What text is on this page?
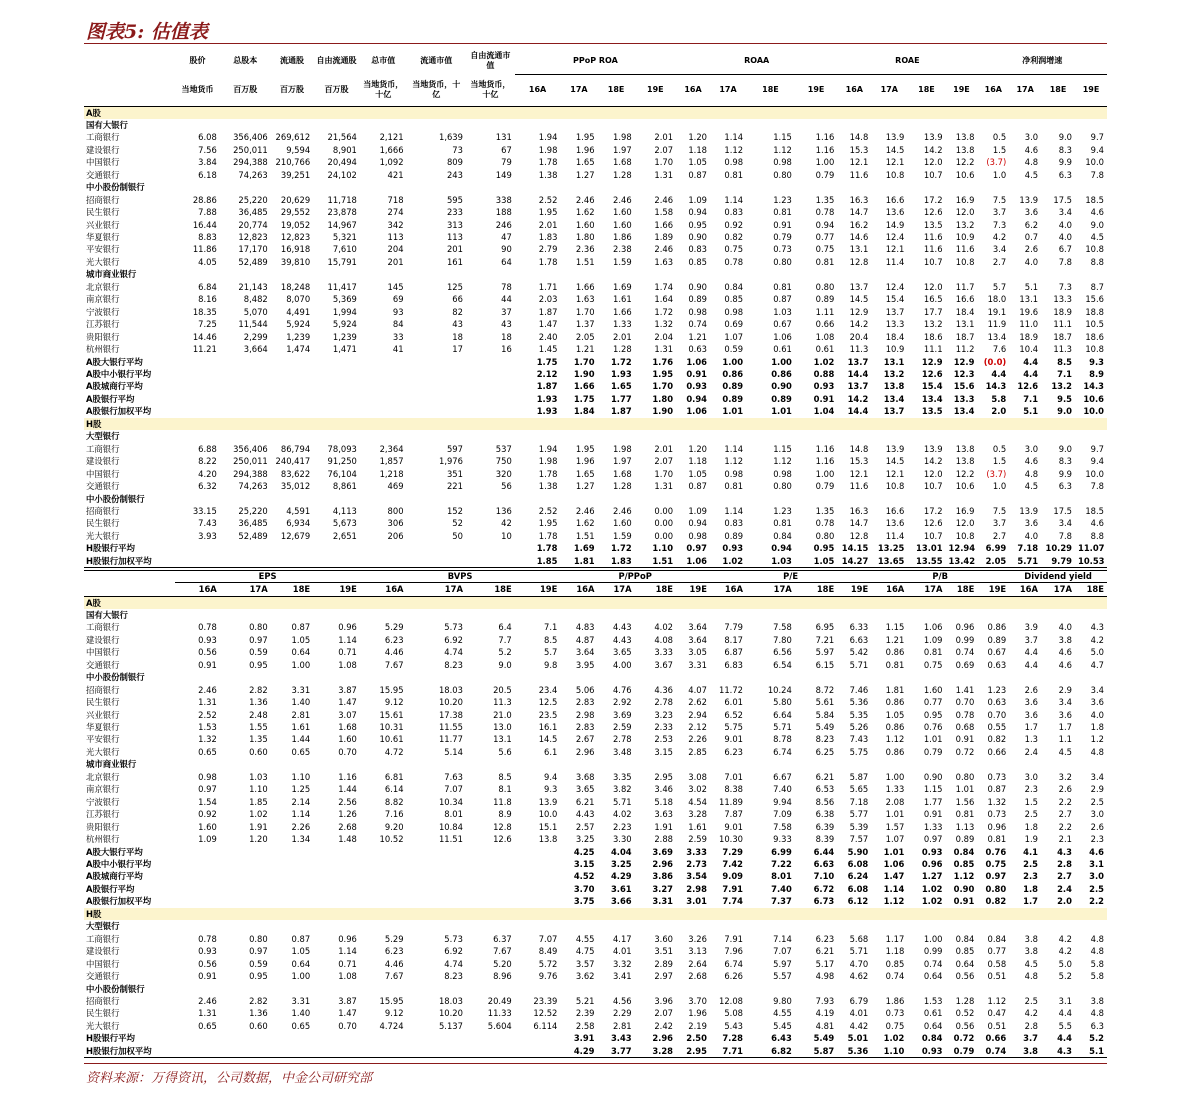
图表5: 估值表
	股价	总股本	流通股	自由流通股	总市值	流通市值	自由流通市值	PPoP ROA				ROAA				ROAE				净利润增速			
	当地货币	百万股	百万股	百万股	当地货币，十亿	当地货币，十亿	当地货币，十亿	16A	17A	18E	19E	16A	17A	18E	19E	16A	17A	18E	19E	16A	17A	18E	19E
A股																							
国有大银行																							
工商银行	6.08	356,406	269,612	21,564	2,121	1,639	131	1.94	1.95	1.98	2.01	1.20	1.14	1.15	1.16	14.8	13.9	13.9	13.8	0.5	3.0	9.0	9.7
建设银行	7.56	250,011	9,594	8,901	1,666	73	67	1.98	1.96	1.97	2.07	1.18	1.12	1.12	1.16	15.3	14.5	14.2	13.8	1.5	4.6	8.3	9.4
中国银行	3.84	294,388	210,766	20,494	1,092	809	79	1.78	1.65	1.68	1.70	1.05	0.98	0.98	1.00	12.1	12.1	12.0	12.2	(3.7)	4.8	9.9	10.0
交通银行	6.18	74,263	39,251	24,102	421	243	149	1.38	1.27	1.28	1.31	0.87	0.81	0.80	0.79	11.6	10.8	10.7	10.6	1.0	4.5	6.3	7.8
中小股份制银行																							
招商银行	28.86	25,220	20,629	11,718	718	595	338	2.52	2.46	2.46	2.46	1.09	1.14	1.23	1.35	16.3	16.6	17.2	16.9	7.5	13.9	17.5	18.5
民生银行	7.88	36,485	29,552	23,878	274	233	188	1.95	1.62	1.60	1.58	0.94	0.83	0.81	0.78	14.7	13.6	12.6	12.0	3.7	3.6	3.4	4.6
兴业银行	16.44	20,774	19,052	14,967	342	313	246	2.01	1.60	1.60	1.66	0.95	0.92	0.91	0.94	16.2	14.9	13.5	13.2	7.3	6.2	4.0	9.0
华夏银行	8.83	12,823	12,823	5,321	113	113	47	1.83	1.80	1.86	1.89	0.90	0.82	0.79	0.77	14.6	12.4	11.6	10.9	4.2	0.7	4.0	4.5
平安银行	11.86	17,170	16,918	7,610	204	201	90	2.79	2.36	2.38	2.46	0.83	0.75	0.73	0.75	13.1	12.1	11.6	11.6	3.4	2.6	6.7	10.8
光大银行	4.05	52,489	39,810	15,791	201	161	64	1.78	1.51	1.59	1.63	0.85	0.78	0.80	0.81	12.8	11.4	10.7	10.8	2.7	4.0	7.8	8.8
城市商业银行																							
北京银行	6.84	21,143	18,248	11,417	145	125	78	1.71	1.66	1.69	1.74	0.90	0.84	0.81	0.80	13.7	12.4	12.0	11.7	5.7	5.1	7.3	8.7
南京银行	8.16	8,482	8,070	5,369	69	66	44	2.03	1.63	1.61	1.64	0.89	0.85	0.87	0.89	14.5	15.4	16.5	16.6	18.0	13.1	13.3	15.6
宁波银行	18.35	5,070	4,491	1,994	93	82	37	1.87	1.70	1.66	1.72	0.98	0.98	1.03	1.11	12.9	13.7	17.7	18.4	19.1	19.6	18.9	18.8
江苏银行	7.25	11,544	5,924	5,924	84	43	43	1.47	1.37	1.33	1.32	0.74	0.69	0.67	0.66	14.2	13.3	13.2	13.1	11.9	11.0	11.1	10.5
贵阳银行	14.46	2,299	1,239	1,239	33	18	18	2.40	2.05	2.01	2.04	1.21	1.07	1.06	1.08	20.4	18.4	18.6	18.7	13.4	18.9	18.7	18.6
杭州银行	11.21	3,664	1,474	1,471	41	17	16	1.45	1.21	1.28	1.31	0.63	0.59	0.61	0.61	11.3	10.9	11.1	11.2	7.6	10.4	11.3	10.8
A股大银行平均								1.75	1.70	1.72	1.76	1.06	1.00	1.00	1.02	13.7	13.1	12.9	12.9	(0.0)	4.4	8.5	9.3
A股中小银行平均								2.12	1.90	1.93	1.95	0.91	0.86	0.86	0.88	14.4	13.2	12.6	12.3	4.4	4.4	7.1	8.9
A股城商行平均								1.87	1.66	1.65	1.70	0.93	0.89	0.90	0.93	13.7	13.8	15.4	15.6	14.3	12.6	13.2	14.3
A股银行平均								1.93	1.75	1.77	1.80	0.94	0.89	0.89	0.91	14.2	13.4	13.4	13.3	5.8	7.1	9.5	10.6
A股银行加权平均								1.93	1.84	1.87	1.90	1.06	1.01	1.01	1.04	14.4	13.7	13.5	13.4	2.0	5.1	9.0	10.0
H股																							
大型银行																							
工商银行	6.88	356,406	86,794	78,093	2,364	597	537	1.94	1.95	1.98	2.01	1.20	1.14	1.15	1.16	14.8	13.9	13.9	13.8	0.5	3.0	9.0	9.7
建设银行	8.22	250,011	240,417	91,250	1,857	1,976	750	1.98	1.96	1.97	2.07	1.18	1.12	1.12	1.16	15.3	14.5	14.2	13.8	1.5	4.6	8.3	9.4
中国银行	4.20	294,388	83,622	76,104	1,218	351	320	1.78	1.65	1.68	1.70	1.05	0.98	0.98	1.00	12.1	12.1	12.0	12.2	(3.7)	4.8	9.9	10.0
交通银行	6.32	74,263	35,012	8,861	469	221	56	1.38	1.27	1.28	1.31	0.87	0.81	0.80	0.79	11.6	10.8	10.7	10.6	1.0	4.5	6.3	7.8
中小股份制银行																							
招商银行	33.15	25,220	4,591	4,113	800	152	136	2.52	2.46	2.46	0.00	1.09	1.14	1.23	1.35	16.3	16.6	17.2	16.9	7.5	13.9	17.5	18.5
民生银行	7.43	36,485	6,934	5,673	306	52	42	1.95	1.62	1.60	0.00	0.94	0.83	0.81	0.78	14.7	13.6	12.6	12.0	3.7	3.6	3.4	4.6
光大银行	3.93	52,489	12,679	2,651	206	50	10	1.78	1.51	1.59	0.00	0.98	0.89	0.84	0.80	12.8	11.4	10.7	10.8	2.7	4.0	7.8	8.8
H股银行平均								1.78	1.69	1.72	1.10	0.97	0.93	0.94	0.95	14.15	13.25	13.01	12.94	6.99	7.18	10.29	11.07
H股银行加权平均								1.85	1.81	1.83	1.51	1.06	1.02	1.03	1.05	14.27	13.65	13.55	13.42	2.05	5.71	9.79	10.53
	EPS				BVPS				P/PPoP				P/E				P/B				Dividend yield		
	16A	17A	18E	19E	16A	17A	18E	19E	16A	17A	18E	19E	16A	17A	18E	19E	16A	17A	18E	19E	16A	17A	18E
A股																							
国有大银行																							
工商银行	0.78	0.80	0.87	0.96	5.29	5.73	6.4	7.1	4.83	4.43	4.02	3.64	7.79	7.58	6.95	6.33	1.15	1.06	0.96	0.86	3.9	4.0	4.3
建设银行	0.93	0.97	1.05	1.14	6.23	6.92	7.7	8.5	4.87	4.43	4.08	3.64	8.17	7.80	7.21	6.63	1.21	1.09	0.99	0.89	3.7	3.8	4.2
中国银行	0.56	0.59	0.64	0.71	4.46	4.74	5.2	5.7	3.64	3.65	3.33	3.05	6.87	6.56	5.97	5.42	0.86	0.81	0.74	0.67	4.4	4.6	5.0
交通银行	0.91	0.95	1.00	1.08	7.67	8.23	9.0	9.8	3.95	4.00	3.67	3.31	6.83	6.54	6.15	5.71	0.81	0.75	0.69	0.63	4.4	4.6	4.7
中小股份制银行																							
招商银行	2.46	2.82	3.31	3.87	15.95	18.03	20.5	23.4	5.06	4.76	4.36	4.07	11.72	10.24	8.72	7.46	1.81	1.60	1.41	1.23	2.6	2.9	3.4
民生银行	1.31	1.36	1.40	1.47	9.12	10.20	11.3	12.5	2.83	2.92	2.78	2.62	6.01	5.80	5.61	5.36	0.86	0.77	0.70	0.63	3.6	3.4	3.6
兴业银行	2.52	2.48	2.81	3.07	15.61	17.38	21.0	23.5	2.98	3.69	3.23	2.94	6.52	6.64	5.84	5.35	1.05	0.95	0.78	0.70	3.6	3.6	4.0
华夏银行	1.53	1.55	1.61	1.68	10.31	11.55	13.0	16.1	2.83	2.59	2.33	2.12	5.75	5.71	5.49	5.26	0.86	0.76	0.68	0.55	1.7	1.7	1.8
平安银行	1.32	1.35	1.44	1.60	10.61	11.77	13.1	14.5	2.67	2.78	2.53	2.26	9.01	8.78	8.23	7.43	1.12	1.01	0.91	0.82	1.3	1.1	1.2
光大银行	0.65	0.60	0.65	0.70	4.72	5.14	5.6	6.1	2.96	3.48	3.15	2.85	6.23	6.74	6.25	5.75	0.86	0.79	0.72	0.66	2.4	4.5	4.8
城市商业银行																							
北京银行	0.98	1.03	1.10	1.16	6.81	7.63	8.5	9.4	3.68	3.35	2.95	3.08	7.01	6.67	6.21	5.87	1.00	0.90	0.80	0.73	3.0	3.2	3.4
南京银行	0.97	1.10	1.25	1.44	6.14	7.07	8.1	9.3	3.65	3.82	3.46	3.02	8.38	7.40	6.53	5.65	1.33	1.15	1.01	0.87	2.3	2.6	2.9
宁波银行	1.54	1.85	2.14	2.56	8.82	10.34	11.8	13.9	6.21	5.71	5.18	4.54	11.89	9.94	8.56	7.18	2.08	1.77	1.56	1.32	1.5	2.2	2.5
江苏银行	0.92	1.02	1.14	1.26	7.16	8.01	8.9	10.0	4.43	4.02	3.63	3.28	7.87	7.09	6.38	5.77	1.01	0.91	0.81	0.73	2.5	2.7	3.0
贵阳银行	1.60	1.91	2.26	2.68	9.20	10.84	12.8	15.1	2.57	2.23	1.91	1.61	9.01	7.58	6.39	5.39	1.57	1.33	1.13	0.96	1.8	2.2	2.6
杭州银行	1.09	1.20	1.34	1.48	10.52	11.51	12.6	13.8	3.25	3.30	2.88	2.59	10.30	9.33	8.39	7.57	1.07	0.97	0.89	0.81	1.9	2.1	2.3
A股大银行平均									4.25	4.04	3.69	3.33	7.29	6.99	6.44	5.90	1.01	0.93	0.84	0.76	4.1	4.3	4.6
A股中小银行平均									3.15	3.25	2.96	2.73	7.42	7.22	6.63	6.08	1.06	0.96	0.85	0.75	2.5	2.8	3.1
A股城商行平均									4.52	4.29	3.86	3.54	9.09	8.01	7.10	6.24	1.47	1.27	1.12	0.97	2.3	2.7	3.0
A股银行平均									3.70	3.61	3.27	2.98	7.91	7.40	6.72	6.08	1.14	1.02	0.90	0.80	1.8	2.4	2.5
A股银行加权平均									3.75	3.66	3.31	3.01	7.74	7.37	6.73	6.12	1.12	1.02	0.91	0.82	1.7	2.0	2.2
H股																							
大型银行																							
工商银行	0.78	0.80	0.87	0.96	5.29	5.73	6.37	7.07	4.55	4.17	3.60	3.26	7.91	7.14	6.23	5.68	1.17	1.00	0.84	0.84	3.8	4.2	4.8
建设银行	0.93	0.97	1.05	1.14	6.23	6.92	7.67	8.49	4.75	4.01	3.51	3.13	7.96	7.07	6.21	5.71	1.18	0.99	0.85	0.77	3.8	4.2	4.8
中国银行	0.56	0.59	0.64	0.71	4.46	4.74	5.20	5.72	3.57	3.32	2.89	2.64	6.74	5.97	5.17	4.70	0.85	0.74	0.64	0.58	4.5	5.0	5.8
交通银行	0.91	0.95	1.00	1.08	7.67	8.23	8.96	9.76	3.62	3.41	2.97	2.68	6.26	5.57	4.98	4.62	0.74	0.64	0.56	0.51	4.8	5.2	5.8
中小股份制银行																							
招商银行	2.46	2.82	3.31	3.87	15.95	18.03	20.49	23.39	5.21	4.56	3.96	3.70	12.08	9.80	7.93	6.79	1.86	1.53	1.28	1.12	2.5	3.1	3.8
民生银行	1.31	1.36	1.40	1.47	9.12	10.20	11.33	12.52	2.39	2.29	2.07	1.96	5.08	4.55	4.19	4.01	0.73	0.61	0.52	0.47	4.2	4.4	4.8
光大银行	0.65	0.60	0.65	0.70	4.724	5.137	5.604	6.114	2.58	2.81	2.42	2.19	5.43	5.45	4.81	4.42	0.75	0.64	0.56	0.51	2.8	5.5	6.3
H股银行平均									3.91	3.43	2.96	2.50	7.28	6.43	5.49	5.01	1.02	0.84	0.72	0.66	3.7	4.4	5.2
H股银行加权平均									4.29	3.77	3.28	2.95	7.71	6.82	5.87	5.36	1.10	0.93	0.79	0.74	3.8	4.3	5.1
资料来源：万得资讯，公司数据，中金公司研究部
